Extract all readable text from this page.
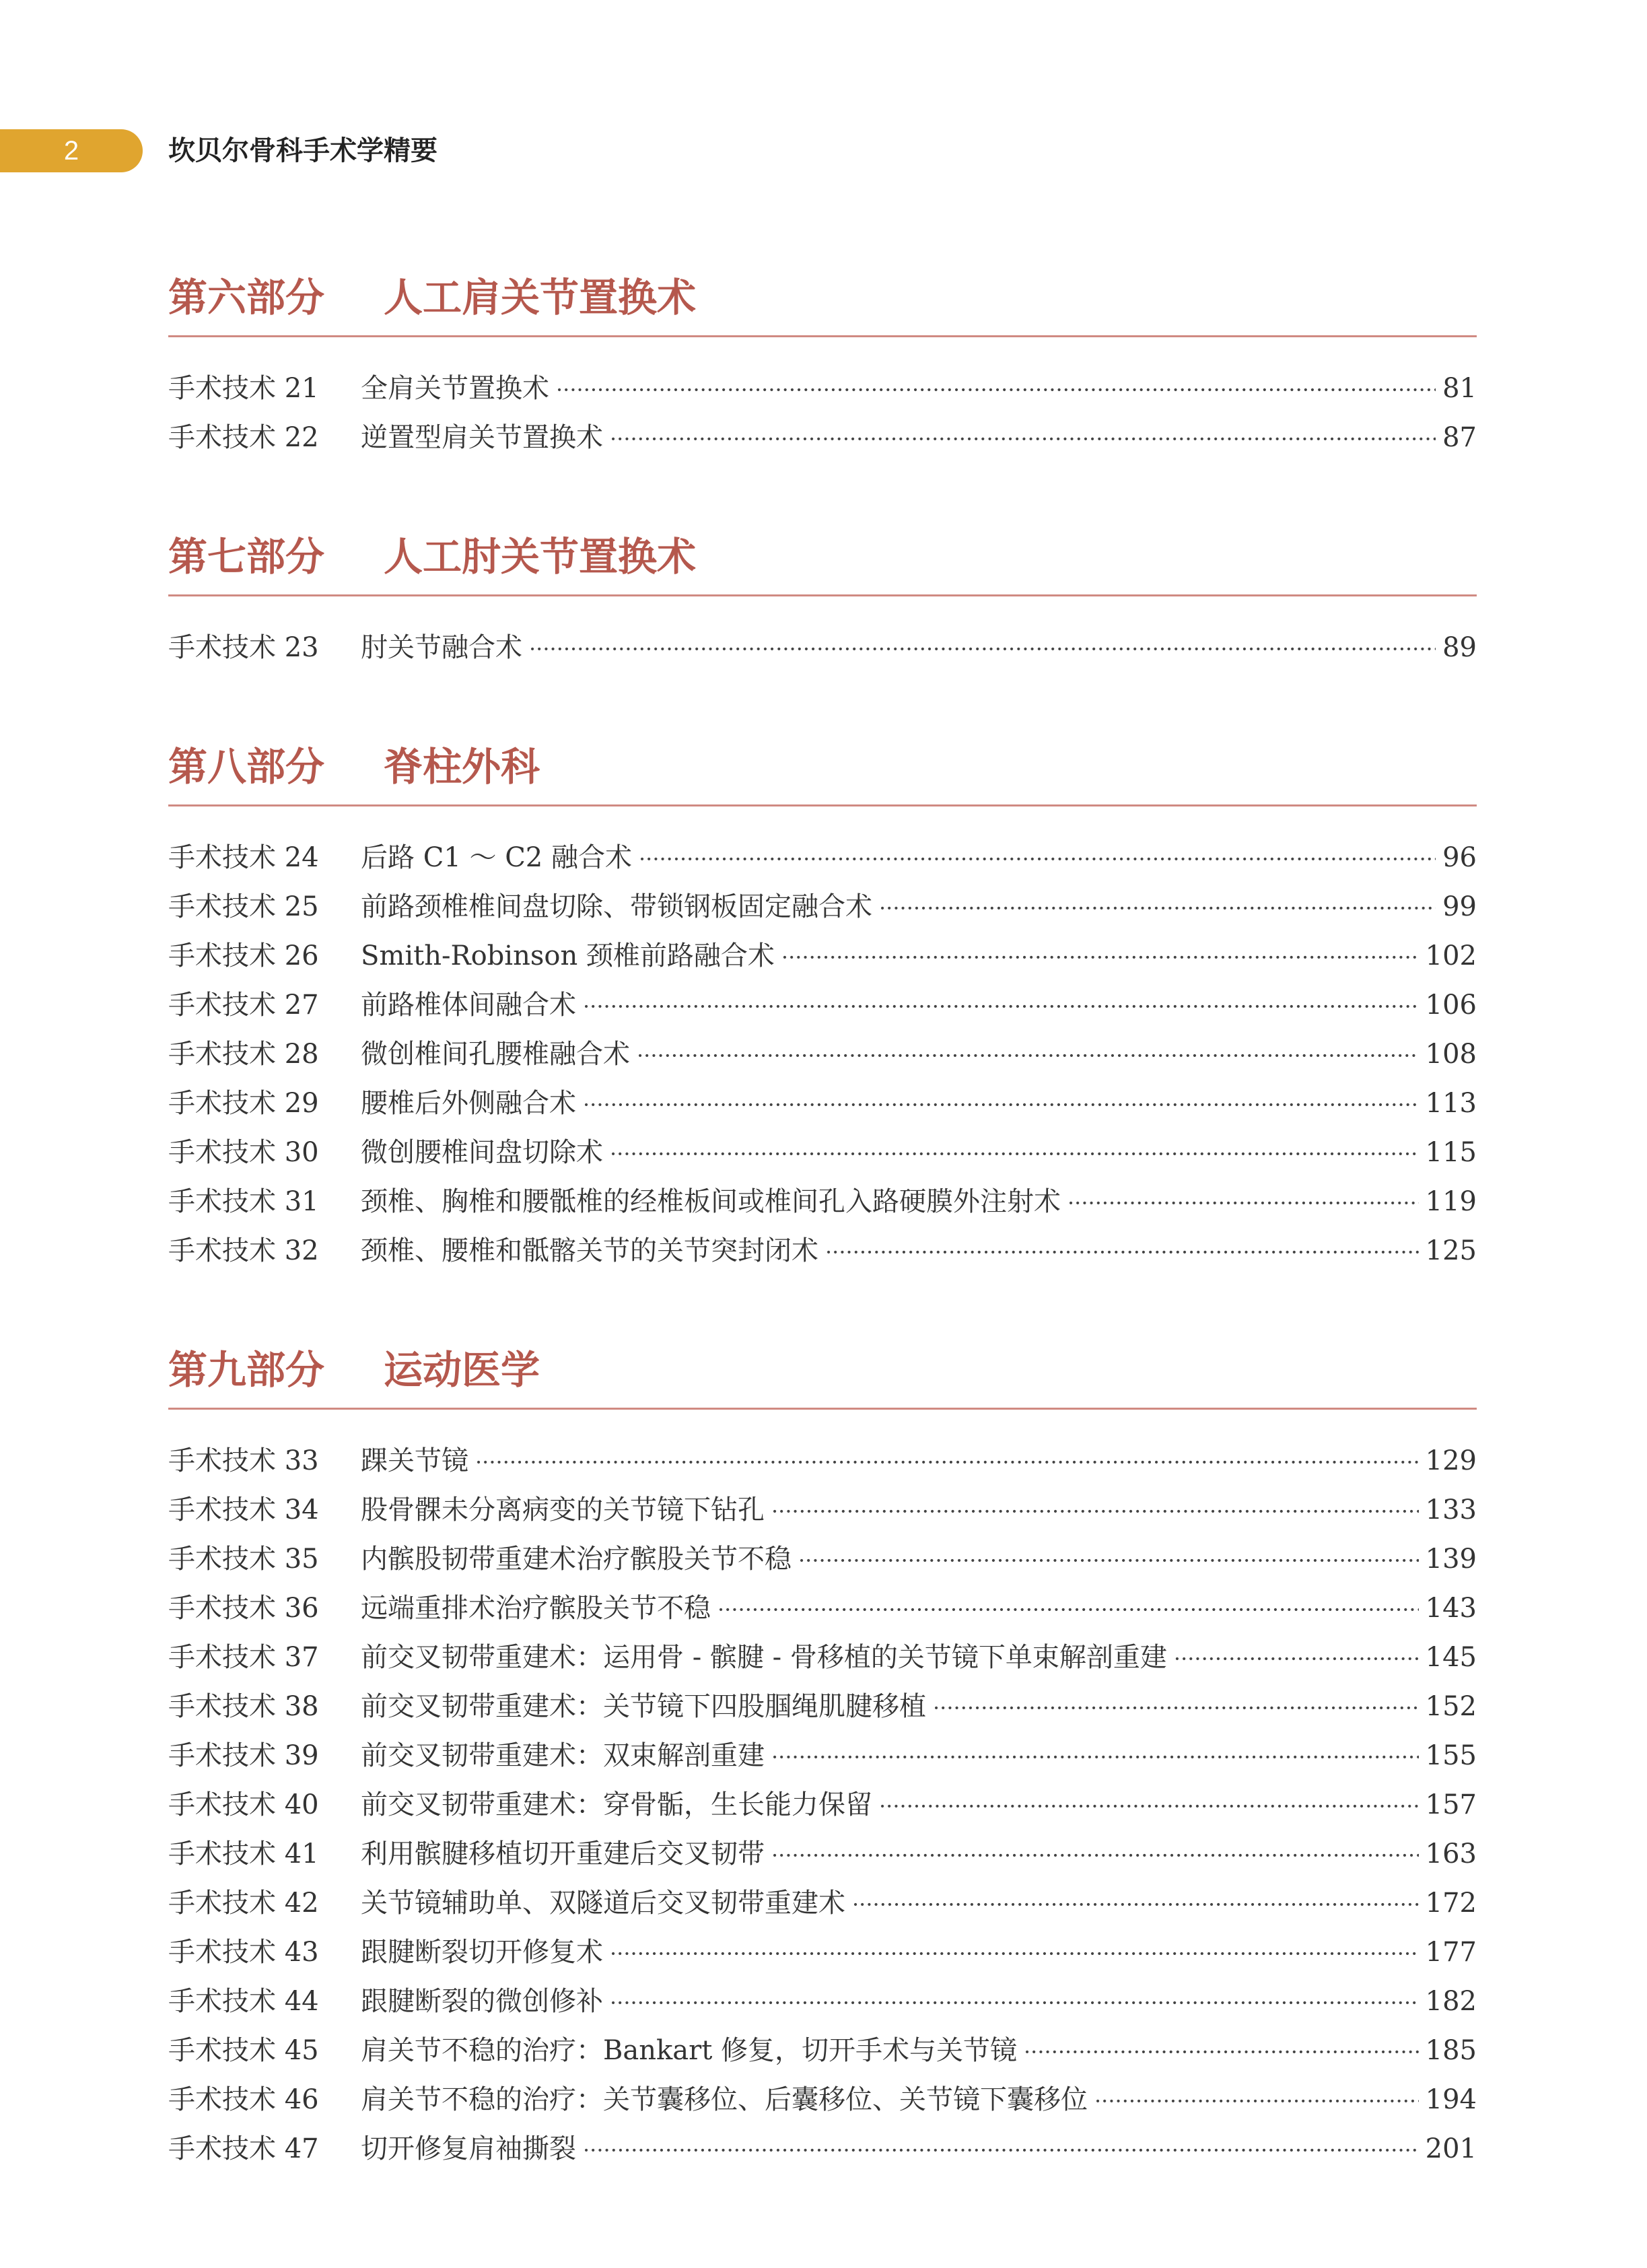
2	坎贝尔骨科手术学精要
第六部分	人工肩关节置换术
手术技术 21	全肩关节置换术 ·····	81
手术技术 22	逆置型肩关节置换术 ·····	87
第七部分	人工肘关节置换术
手术技术 23	肘关节融合术 ·····	89
第八部分	脊柱外科
手术技术 24	后路 C1 ～ C2 融合术 ·····	96
手术技术 25	前路颈椎椎间盘切除、带锁钢板固定融合术 ·····	99
手术技术 26	Smith-Robinson 颈椎前路融合术 ·····	102
手术技术 27	前路椎体间融合术 ·····	106
手术技术 28	微创椎间孔腰椎融合术 ·····	108
手术技术 29	腰椎后外侧融合术 ·····	113
手术技术 30	微创腰椎间盘切除术 ·····	115
手术技术 31	颈椎、胸椎和腰骶椎的经椎板间或椎间孔入路硬膜外注射术 ·····	119
手术技术 32	颈椎、腰椎和骶髂关节的关节突封闭术 ·····	125
第九部分	运动医学
手术技术 33	踝关节镜 ·····	129
手术技术 34	股骨髁未分离病变的关节镜下钻孔 ·····	133
手术技术 35	内髌股韧带重建术治疗髌股关节不稳 ·····	139
手术技术 36	远端重排术治疗髌股关节不稳 ·····	143
手术技术 37	前交叉韧带重建术：运用骨 - 髌腱 - 骨移植的关节镜下单束解剖重建 ·····	145
手术技术 38	前交叉韧带重建术：关节镜下四股腘绳肌腱移植 ·····	152
手术技术 39	前交叉韧带重建术：双束解剖重建 ·····	155
手术技术 40	前交叉韧带重建术：穿骨骺，生长能力保留 ·····	157
手术技术 41	利用髌腱移植切开重建后交叉韧带 ·····	163
手术技术 42	关节镜辅助单、双隧道后交叉韧带重建术 ·····	172
手术技术 43	跟腱断裂切开修复术 ·····	177
手术技术 44	跟腱断裂的微创修补 ·····	182
手术技术 45	肩关节不稳的治疗：Bankart 修复，切开手术与关节镜 ·····	185
手术技术 46	肩关节不稳的治疗：关节囊移位、后囊移位、关节镜下囊移位 ·····	194
手术技术 47	切开修复肩袖撕裂 ·····	201
